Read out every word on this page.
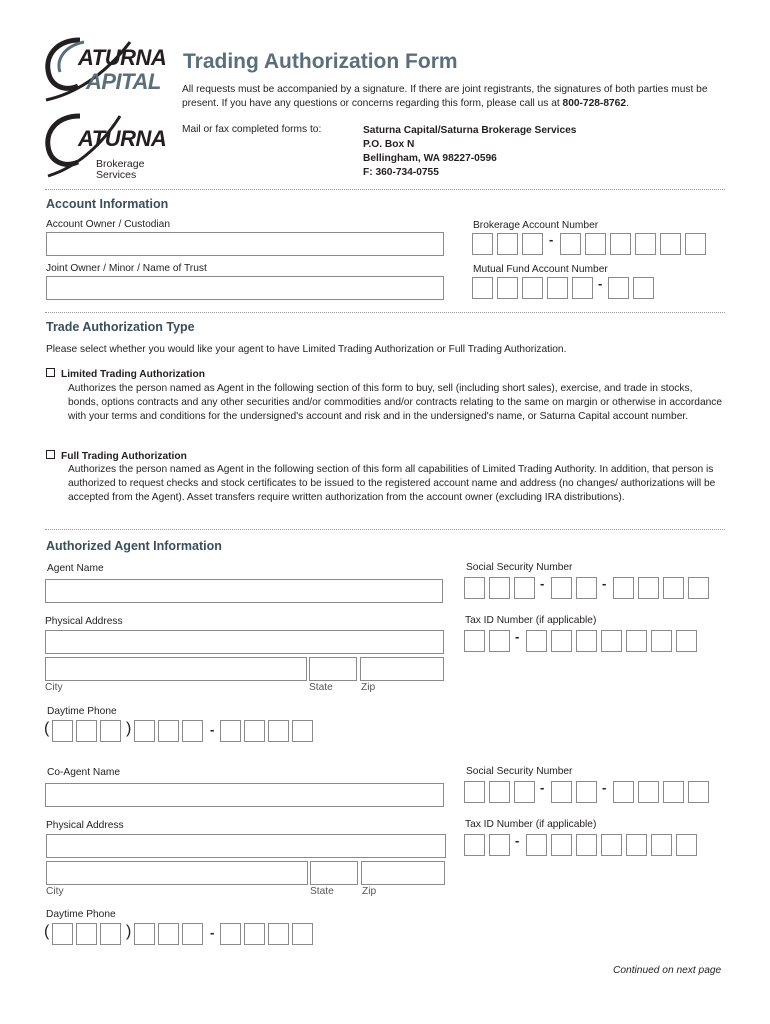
ATURNA
APITAL
ATURNA
Brokerage
Services
Trading Authorization Form
All requests must be accompanied by a signature. If there are joint registrants, the signatures of both parties must be present. If you have any questions or concerns regarding this form, please call us at 800-728-8762.
Mail or fax completed forms to:	Saturna Capital/Saturna Brokerage Services
P.O. Box N
Bellingham, WA 98227-0596
F: 360-734-0755
Account Information
Account Owner / Custodian
Joint Owner / Minor / Name of Trust
Brokerage Account Number
-
Mutual Fund Account Number
-
Trade Authorization Type
Please select whether you would like your agent to have Limited Trading Authorization or Full Trading Authorization.
Limited Trading Authorization
Authorizes the person named as Agent in the following section of this form to buy, sell (including short sales), exercise, and trade in stocks, bonds, options contracts and any other securities and/or commodities and/or contracts relating to the same on margin or otherwise in accordance with your terms and conditions for the undersigned's account and risk and in the undersigned's name, or Saturna Capital account number.
Full Trading Authorization
Authorizes the person named as Agent in the following section of this form all capabilities of Limited Trading Authority. In addition, that person is authorized to request checks and stock certificates to be issued to the registered account name and address (no changes/ authorizations will be accepted from the Agent). Asset transfers require written authorization from the account owner (excluding IRA distributions).
Authorized Agent Information
Agent Name	Social Security Number
-	-
Physical Address	Tax ID Number (if applicable)
-
City	State	Zip
Daytime Phone
(	)	-
Co-Agent Name	Social Security Number
-	-
Physical Address	Tax ID Number (if applicable)
-
City	State	Zip
Daytime Phone
(	)	-
Continued on next page
